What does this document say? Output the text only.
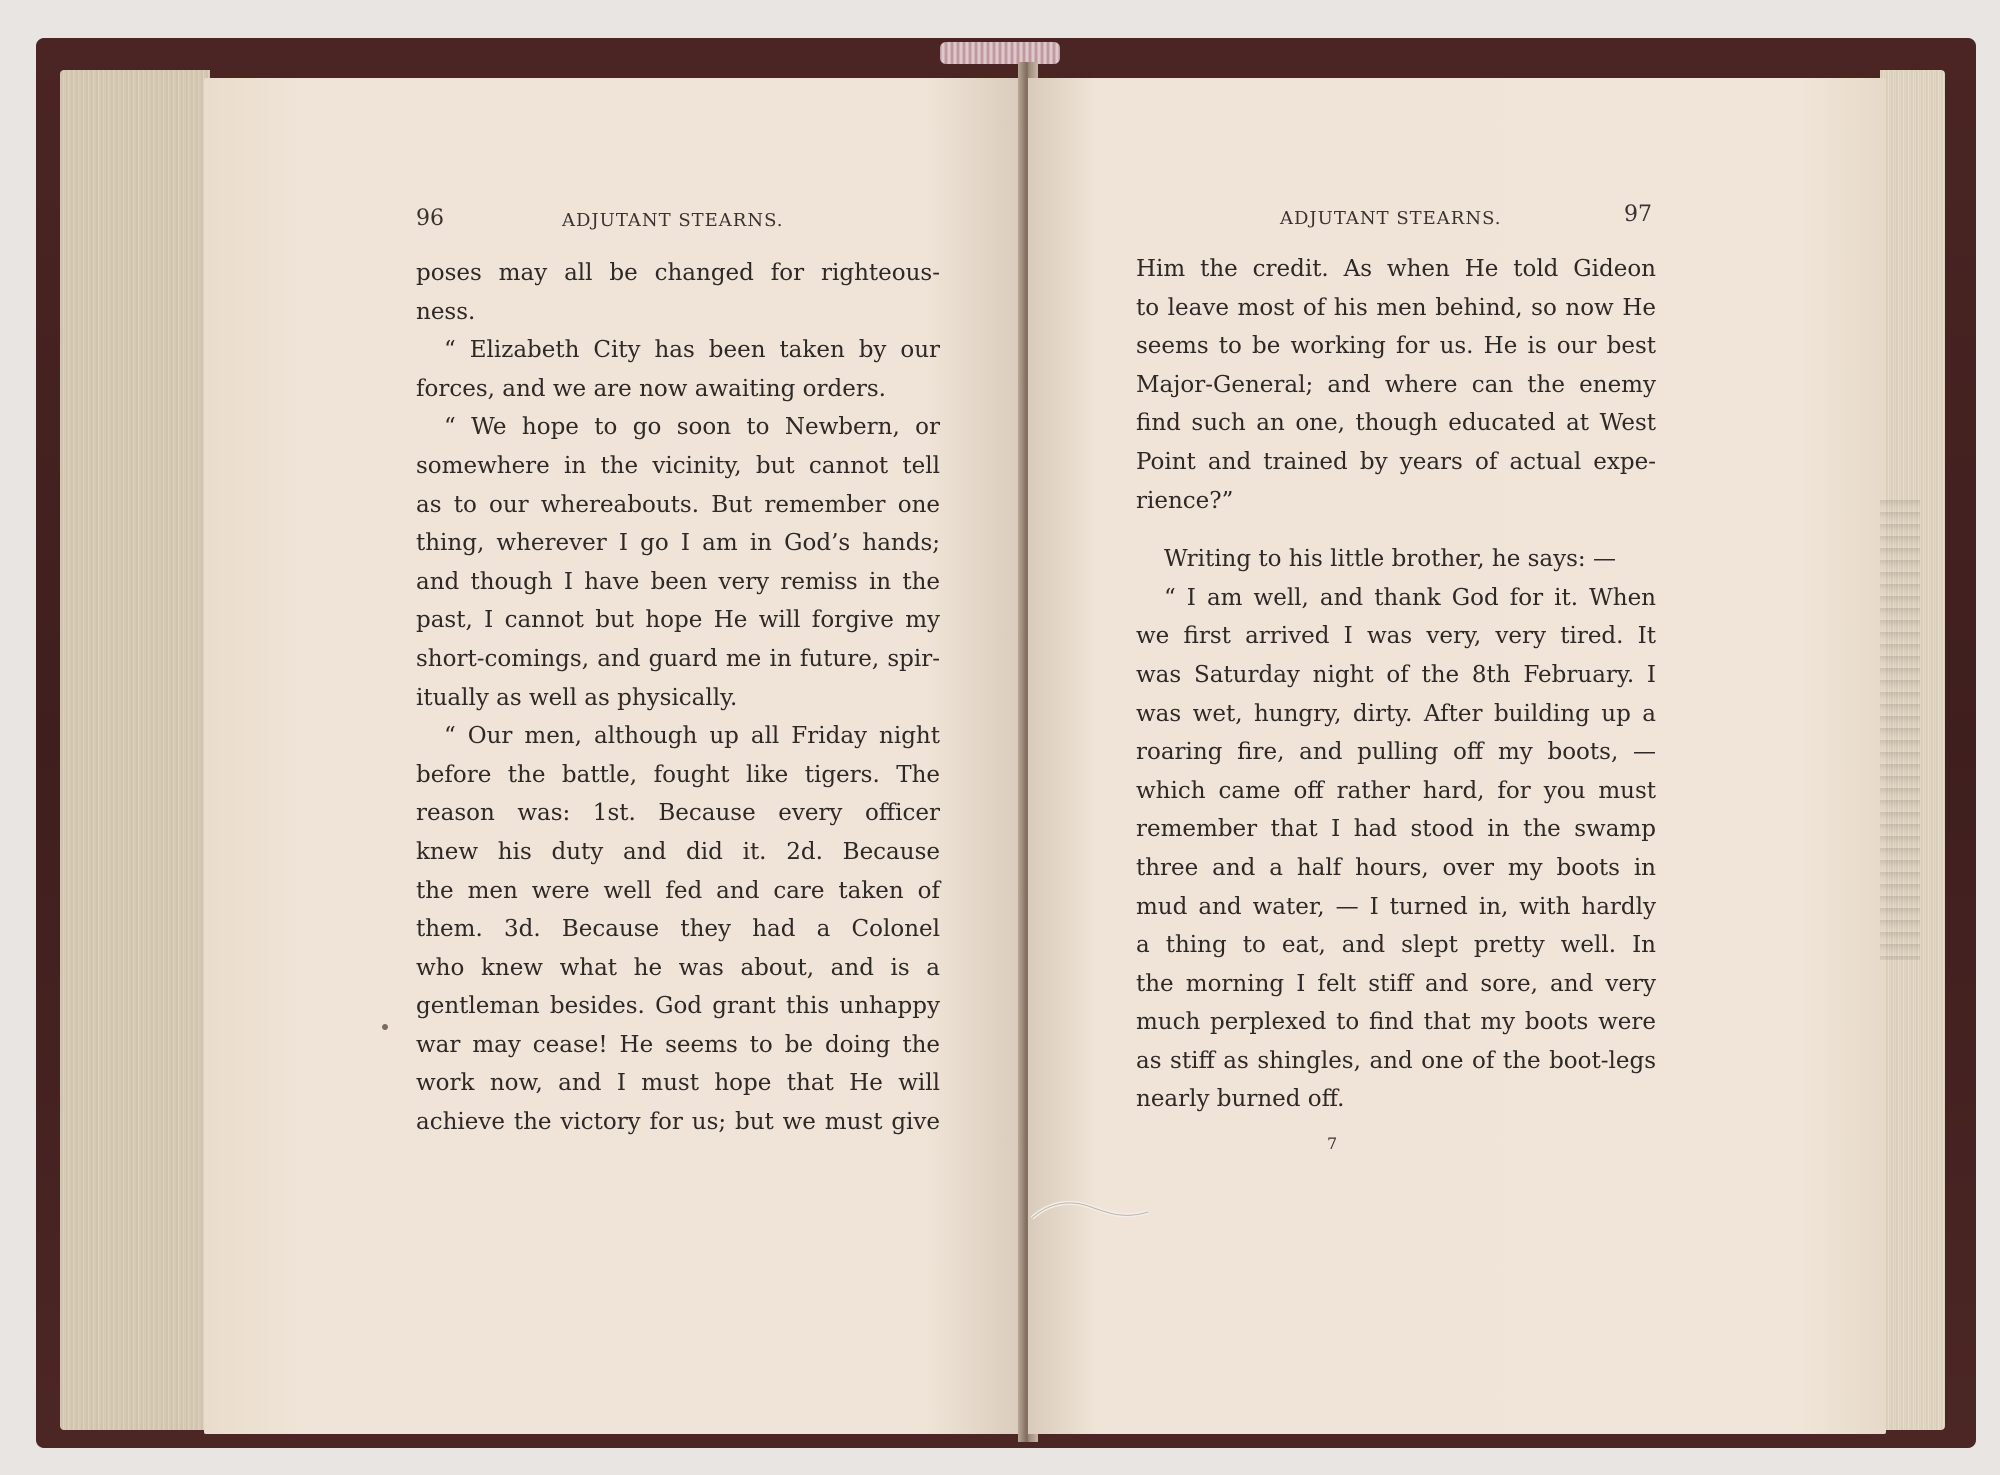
96	ADJUTANT STEARNS.
poses may all be changed for righteous-
ness.
“ Elizabeth City has been taken by our
forces, and we are now awaiting orders.
“ We hope to go soon to Newbern, or
somewhere in the vicinity, but cannot tell
as to our whereabouts. But remember one
thing, wherever I go I am in God’s hands;
and though I have been very remiss in the
past, I cannot but hope He will forgive my
short-comings, and guard me in future, spir-
itually as well as physically.
“ Our men, although up all Friday night
before the battle, fought like tigers. The
reason was: 1st. Because every officer
knew his duty and did it. 2d. Because
the men were well fed and care taken of
them. 3d. Because they had a Colonel
who knew what he was about, and is a
gentleman besides. God grant this unhappy
war may cease! He seems to be doing the
work now, and I must hope that He will
achieve the victory for us; but we must give
ADJUTANT STEARNS.	97
Him the credit. As when He told Gideon
to leave most of his men behind, so now He
seems to be working for us. He is our best
Major-General; and where can the enemy
find such an one, though educated at West
Point and trained by years of actual expe-
rience?”
Writing to his little brother, he says: —
“ I am well, and thank God for it. When
we first arrived I was very, very tired. It
was Saturday night of the 8th February. I
was wet, hungry, dirty. After building up a
roaring fire, and pulling off my boots, —
which came off rather hard, for you must
remember that I had stood in the swamp
three and a half hours, over my boots in
mud and water, — I turned in, with hardly
a thing to eat, and slept pretty well. In
the morning I felt stiff and sore, and very
much perplexed to find that my boots were
as stiff as shingles, and one of the boot-legs
nearly burned off.
7
